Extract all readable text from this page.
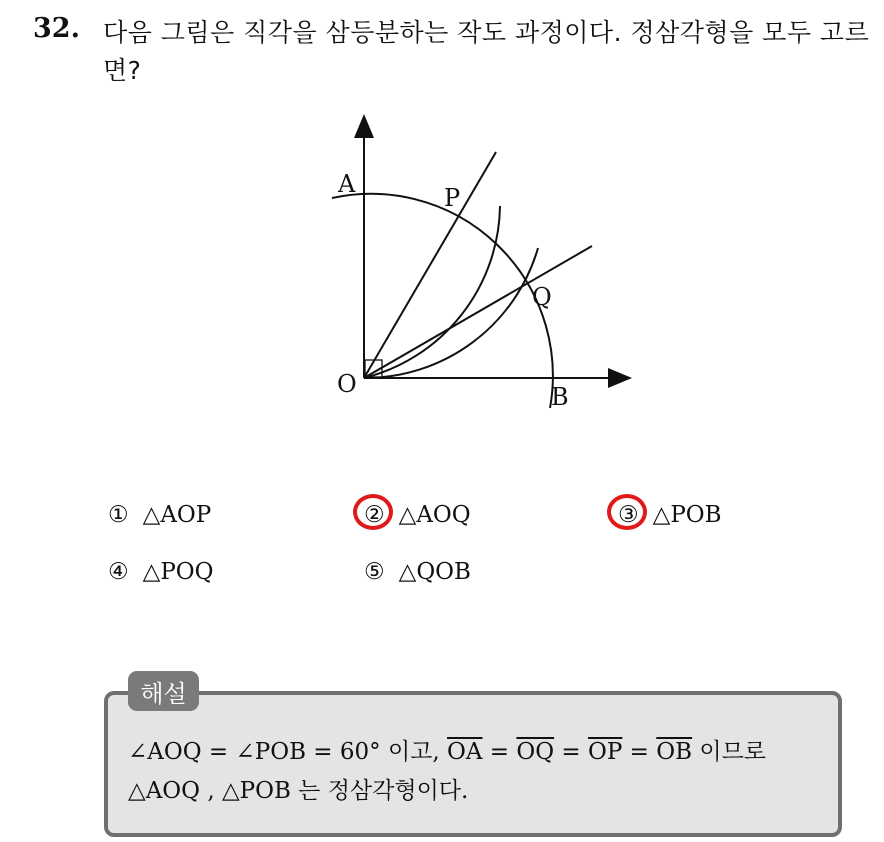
32. 다음 그림은 직각을 삼등분하는 작도 과정이다. 정삼각형을 모두 고르면?
A	P
Q
O	B
① △AOP	② △AOQ	③ △POB
④ △POQ	⑤ △QOB
해설
∠AOQ = ∠POB = 60° 이고, $\overline{OA} = \overline{OQ} = \overline{OP} = \overline{OB}$ 이므로
△AOQ , △POB 는 정삼각형이다.
